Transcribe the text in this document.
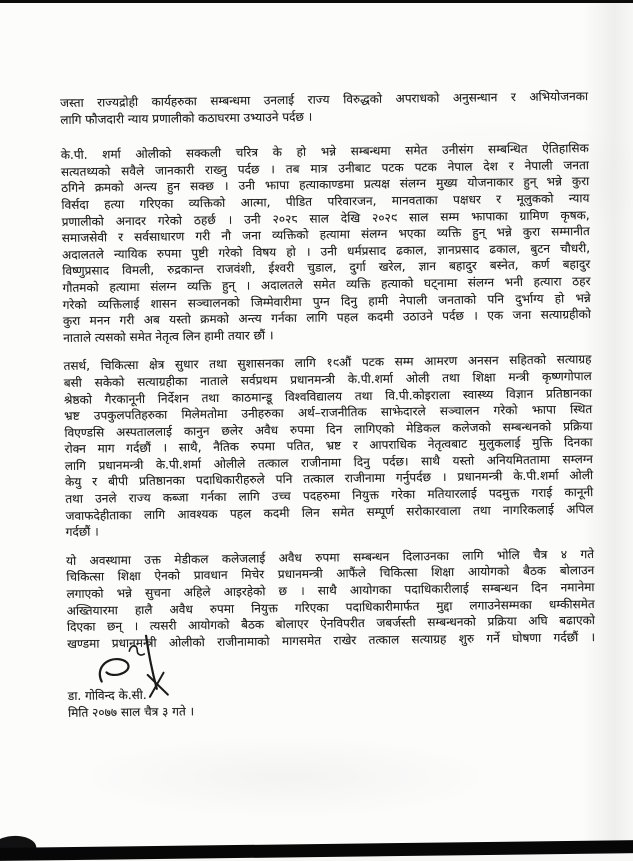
जस्ता राज्यद्रोही कार्यहरुका सम्बन्धमा उनलाई राज्य विरुद्धको अपराधको अनुसन्धान र अभियोजनका
लागि फौजदारी न्याय प्रणालीको कठाघरमा उभ्याउने पर्दछ ।
के.पी. शर्मा ओलीको सक्कली चरित्र के हो भन्ने सम्बन्धमा समेत उनीसंग सम्बन्धित ऐतिहासिक
सत्यतथ्यको सवैले जानकारी राख्नु पर्दछ । तब मात्र उनीबाट पटक पटक नेपाल देश र नेपाली जनता
ठगिने क्रमको अन्त्य हुन सक्छ । उनी झापा हत्याकाण्डमा प्रत्यक्ष संलग्न मुख्य योजनाकार हुन् भन्ने कुरा
विर्सदा हत्या गरिएका व्यक्तिको आत्मा, पीडित परिवारजन, मानवताका पक्षधर र मूलुकको न्याय
प्रणालीको अनादर गरेको ठहर्छ । उनी २०२८ साल देखि २०२९ साल सम्म झापाका ग्रामिण कृषक,
समाजसेवी र सर्वसाधारण गरी नौ जना व्यक्तिको हत्यामा संलग्न भएका व्यक्ति हुन् भन्ने कुरा सम्मानीत
अदालतले न्यायिक रुपमा पुष्टी गरेको विषय हो । उनी धर्मप्रसाद ढकाल, ज्ञानप्रसाद ढकाल, बुटन चौधरी,
विष्णुप्रसाद विमली, रुद्रकान्त राजवंशी, ईश्वरी चुडाल, दुर्गा खरेल, ज्ञान बहादुर बस्नेत, कर्ण बहादुर
गौतमको हत्यामा संलग्न व्यक्ति हुन् । अदालतले समेत व्यक्ति हत्याको घट्नामा संलग्न भनी हत्यारा ठहर
गरेको व्यक्तिलाई शासन सञ्चालनको जिम्मेवारीमा पुग्न दिनु हामी नेपाली जनताको पनि दुर्भाग्य हो भन्ने
कुरा मनन गरी अब यस्तो क्रमको अन्त्य गर्नका लागि पहल कदमी उठाउने पर्दछ । एक जना सत्याग्रहीको
नाताले त्यसको समेत नेतृत्व लिन हामी तयार छौं ।
तसर्थ, चिकित्सा क्षेत्र सुधार तथा सुशासनका लागि १९औं पटक सम्म आमरण अनसन सहितको सत्याग्रह
बसी सकेको सत्याग्रहीका नाताले सर्वप्रथम प्रधानमन्त्री के.पी.शर्मा ओली तथा शिक्षा मन्त्री कृष्णगोपाल
श्रेष्ठको गैरकानूनी निर्देशन तथा काठमान्डू विश्वविद्यालय तथा वि.पी.कोइराला स्वास्थ्य विज्ञान प्रतिष्ठानका
भ्रष्ट उपकुलपतिहरुका मिलेमतोमा उनीहरुका अर्थ–राजनीतिक साझेदारले सञ्चालन गरेको झापा स्थित
विएण्डसि अस्पताललाई कानुन छलेर अवैध रुपमा दिन लागिएको मेडिकल कलेजको सम्बन्धनको प्रक्रिया
रोक्न माग गर्दछौं । साथै, नैतिक रुपमा पतित, भ्रष्ट र आपराधिक नेतृत्वबाट मुलुकलाई मुक्ति दिनका
लागि प्रधानमन्त्री के.पी.शर्मा ओलीले तत्काल राजीनामा दिनु पर्दछ। साथै यस्तो अनियमिततामा सम्लग्न
केयु र बीपी प्रतिष्ठानका पदाधिकारीहरुले पनि तत्काल राजीनामा गर्नुपर्दछ । प्रधानमन्त्री के.पी.शर्मा ओली
तथा उनले राज्य कब्जा गर्नका लागि उच्च पदहरुमा नियुक्त गरेका मतियारलाई पदमुक्त गराई कानूनी
जवाफदेहीताका लागि आवश्यक पहल कदमी लिन समेत सम्पूर्ण सरोकारवाला तथा नागरिकलाई अपिल
गर्दछौं ।
यो अवस्थामा उक्त मेडीकल कलेजलाई अवैध रुपमा सम्बन्धन दिलाउनका लागि भोलि चैत्र ४ गते
चिकित्सा शिक्षा ऐनको प्रावधान मिचेर प्रधानमन्त्री आफैंले चिकित्सा शिक्षा आयोगको बैठक बोलाउन
लगाएको भन्ने सुचना अहिले आइरहेको छ । साथै आयोगका पदाधिकारीलाई सम्बन्धन दिन नमानेमा
अख्तियारमा हालै अवैध रुपमा नियुक्त गरिएका पदाधिकारीमार्फत मुद्दा लगाउनेसम्मका धम्कीसमेत
दिएका छन् । त्यसरी आयोगको बैठक बोलाएर ऐनविपरीत जबर्जस्ती सम्बन्धनको प्रक्रिया अघि बढाएको
खण्डमा प्रधानमन्त्री ओलीको राजीनामाको मागसमेत राखेर तत्काल सत्याग्रह शुरु गर्ने घोषणा गर्दछौं ।
डा. गोविन्द के.सी.
मिति २०७७ साल चैत्र ३ गते ।
